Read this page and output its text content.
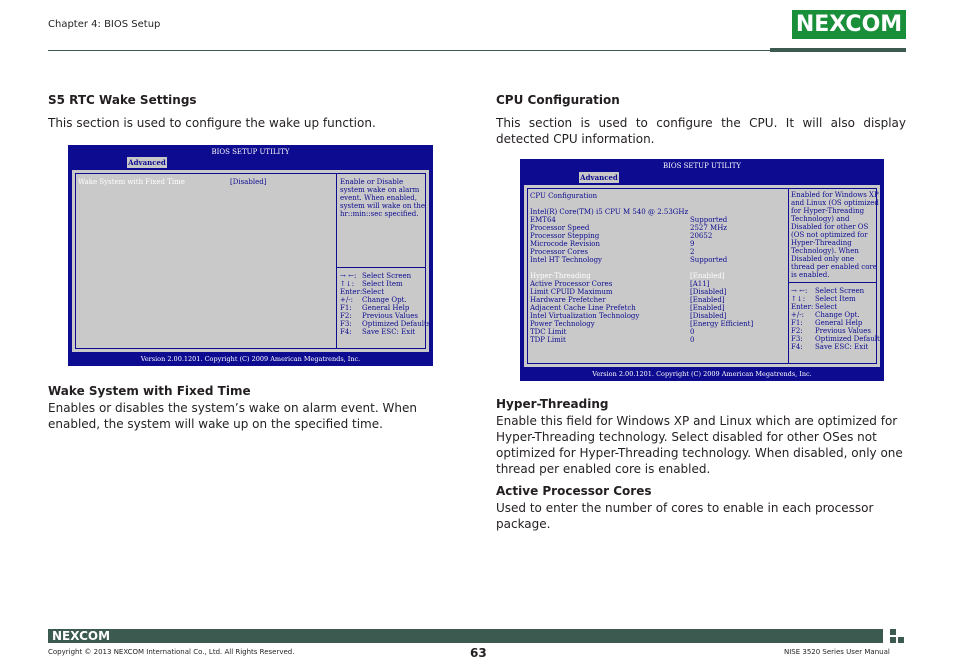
Chapter 4: BIOS Setup	NEXCOM
S5 RTC Wake Settings
This section is used to configure the wake up function.
BIOS SETUP UTILITY
Advanced
Wake System with Fixed Time	[Disabled]	Enable or Disable system wake on alarm event. When enabled, system will wake on the hr::min::sec specified.
→ ←: Select Screen
↑↓: Select Item
Enter: Select
+/-: Change Opt.
F1: General Help
F2: Previous Values
F3: Optimized Defaults
F4: Save ESC: Exit
Version 2.00.1201. Copyright (C) 2009 American Megatrends, Inc.
Wake System with Fixed Time
Enables or disables the system’s wake on alarm event. When enabled, the system will wake up on the specified time.
CPU Configuration
This section is used to configure the CPU. It will also display detected CPU information.
BIOS SETUP UTILITY
Advanced
CPU Configuration
Intel(R) Core(TM) i5 CPU M 540 @ 2.53GHz
EMT64	Supported
Processor Speed	2527 MHz
Processor Stepping	20652
Microcode Revision	9
Processor Cores	2
Intel HT Technology	Supported
Hyper-Threading	[Enabled]
Active Processor Cores	[A11]
Limit CPUID Maximum	[Disabled]
Hardware Prefetcher	[Enabled]
Adjacent Cache Line Prefetch	[Enabled]
Intel Virtualization Technology	[Disabled]
Power Technology	[Energy Efficient]
TDC Limit	0
TDP Limit	0
Enabled for Windows XP and Linux (OS optimized for Hyper-Threading Technology) and Disabled for other OS (OS not optimized for Hyper-Threading Technology). When Disabled only one thread per enabled core is enabled.
→ ←: Select Screen
↑↓: Select Item
Enter: Select
+/-: Change Opt.
F1: General Help
F2: Previous Values
F3: Optimized Defaults
F4: Save ESC: Exit
Version 2.00.1201. Copyright (C) 2009 American Megatrends, Inc.
Hyper-Threading
Enable this field for Windows XP and Linux which are optimized for Hyper-Threading technology. Select disabled for other OSes not optimized for Hyper-Threading technology. When disabled, only one thread per enabled core is enabled.
Active Processor Cores
Used to enter the number of cores to enable in each processor package.
NEXCOM
Copyright © 2013 NEXCOM International Co., Ltd. All Rights Reserved.	63	NISE 3520 Series User Manual
